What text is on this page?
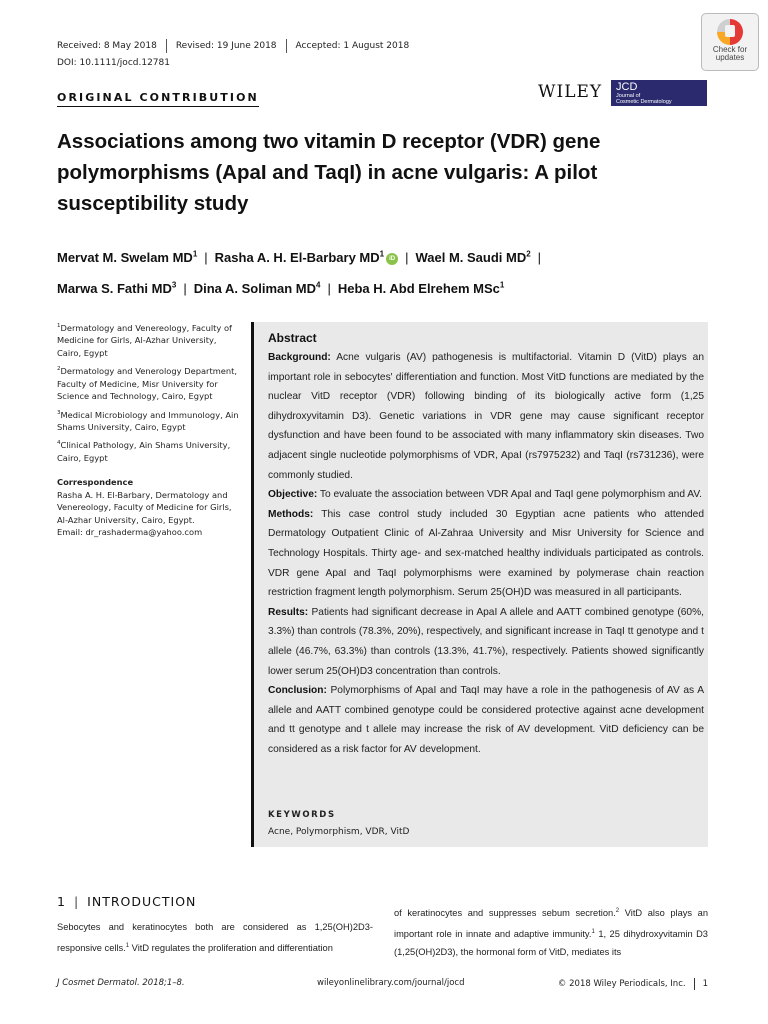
Received: 8 May 2018 Revised: 19 June 2018 Accepted: 1 August 2018
DOI: 10.1111/jocd.12781
ORIGINAL CONTRIBUTION	WILEY JCD
Journal of
Cosmetic Dermatology
Check for
updates
Associations among two vitamin D receptor (VDR) gene polymorphisms (ApaI and TaqI) in acne vulgaris: A pilot susceptibility study
Mervat M. Swelam $MD^1$ | Rasha A. H. El-Barbary $MD^1$ iD | Wael M. Saudi $MD^2$ |
Marwa S. Fathi $MD^3$ | Dina A. Soliman $MD^4$ | Heba H. Abd Elrehem MSc$^1$

$^1$Dermatology and Venereology, Faculty of Medicine for Girls, Al-Azhar University, Cairo, Egypt

$^2$Dermatology and Venerology Department, Faculty of Medicine, Misr University for Science and Technology, Cairo, Egypt

$^3$Medical Microbiology and Immunology, Ain Shams University, Cairo, Egypt

$^4$Clinical Pathology, Ain Shams University, Cairo, Egypt

Correspondence

Rasha A. H. El-Barbary, Dermatology and Venereology, Faculty of Medicine for Girls, Al-Azhar University, Cairo, Egypt.

Email: dr_rashaderma@yahoo.com

Abstract

Background: Acne vulgaris (AV) pathogenesis is multifactorial. Vitamin D (VitD) plays an important role in sebocytes' differentiation and function. Most VitD functions are mediated by the nuclear VitD receptor (VDR) following binding of its biologically active form (1,25 dihydroxyvitamin D3). Genetic variations in VDR gene may cause significant receptor dysfunction and have been found to be associated with many inflammatory skin diseases. Two adjacent single nucleotide polymorphisms of VDR, ApaI (rs7975232) and TaqI (rs731236), were commonly studied.

Objective: To evaluate the association between VDR ApaI and TaqI gene polymorphism and AV.

Methods: This case control study included 30 Egyptian acne patients who attended Dermatology Outpatient Clinic of Al-Zahraa University and Misr University for Science and Technology Hospitals. Thirty age- and sex-matched healthy individuals participated as controls. VDR gene ApaI and TaqI polymorphisms were examined by polymerase chain reaction restriction fragment length polymorphism. Serum 25(OH)D was measured in all participants.

Results: Patients had significant decrease in ApaI A allele and AATT combined genotype (60%, 3.3%) than controls (78.3%, 20%), respectively, and significant increase in TaqI tt genotype and t allele (46.7%, 63.3%) than controls (13.3%, 41.7%), respectively. Patients showed significantly lower serum 25(OH)D3 concentration than controls.

Conclusion: Polymorphisms of ApaI and TaqI may have a role in the pathogenesis of AV as A allele and AATT combined genotype could be considered protective against acne development and tt genotype and t allele may increase the risk of AV development. VitD deficiency can be considered as a risk factor for AV development.

KEYWORDS
Acne, Polymorphism, VDR, VitD
1 | INTRODUCTION
Sebocytes and keratinocytes both are considered as 1,25(OH)2D3-responsive cells.$^1$ VitD regulates the proliferation and differentiation
of keratinocytes and suppresses sebum secretion.$^2$ VitD also plays an important role in innate and adaptive immunity.$^1$ 1, 25 dihydroxyvitamin D3 (1,25(OH)2D3), the hormonal form of VitD, mediates its
J Cosmet Dermatol. 2018;1–8.	wileyonlinelibrary.com/journal/jocd	© 2018 Wiley Periodicals, Inc. 1
